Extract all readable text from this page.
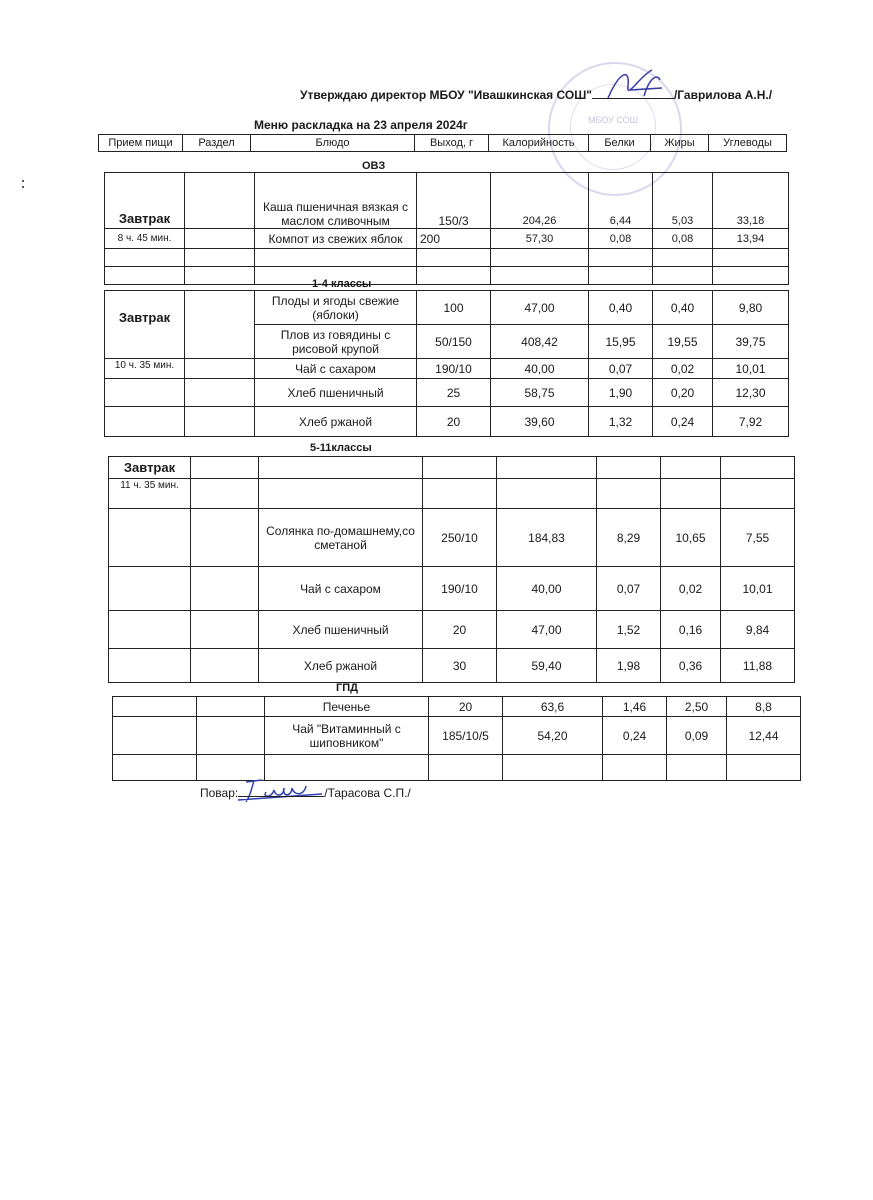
МБОУ СОШ
Утверждаю директор МБОУ "Ивашкинская СОШ"	/Гаврилова А.Н./
Меню раскладка на 23 апреля 2024г
Прием пищи	Раздел	Блюдо	Выход, г	Калорийность	Белки	Жиры	Углеводы
ОВЗ
Завтрак		Каша пшеничная вязкая с маслом сливочным	150/3	204,26	6,44	5,03	33,18
8 ч. 45 мин.		Компот из свежих яблок	200	57,30	0,08	0,08	13,94

1-4 классы
Завтрак		Плоды и ягоды свежие (яблоки)	100	47,00	0,40	0,40	9,80
		Плов из говядины с рисовой крупой	50/150	408,42	15,95	19,55	39,75
10 ч. 35 мин.		Чай с сахаром	190/10	40,00	0,07	0,02	10,01
		Хлеб пшеничный	25	58,75	1,90	0,20	12,30
		Хлеб ржаной	20	39,60	1,32	0,24	7,92
5-11классы
Завтрак							
11 ч. 35 мин.							
		Солянка по-домашнему,со сметаной	250/10	184,83	8,29	10,65	7,55
		Чай с сахаром	190/10	40,00	0,07	0,02	10,01
		Хлеб пшеничный	20	47,00	1,52	0,16	9,84
		Хлеб ржаной	30	59,40	1,98	0,36	11,88
ГПД
		Печенье	20	63,6	1,46	2,50	8,8
		Чай "Витаминный с шиповником"	185/10/5	54,20	0,24	0,09	12,44

Повар:	/Тарасова С.П./
